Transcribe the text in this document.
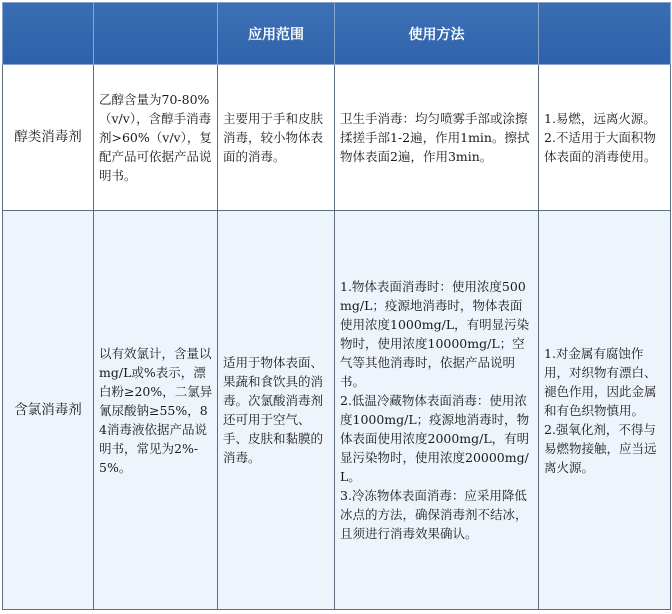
		应用范围	使用方法	
醇类消毒剂	乙醇含量为70-80%（v/v），含醇手消毒剂>60%（v/v），复配产品可依据产品说明书。	主要用于手和皮肤消毒，较小物体表面的消毒。	卫生手消毒：均匀喷雾手部或涂擦揉搓手部1-2遍，作用1min。擦拭物体表面2遍，作用3min。	1.易燃，远离火源。
2.不适用于大面积物体表面的消毒使用。

含氯消毒剂	以有效氯计，含量以mg/L或%表示，漂白粉≥20%，二氯异氰尿酸钠≥55%，84消毒液依据产品说明书，常见为2%-5%。	适用于物体表面、果蔬和食饮具的消毒。次氯酸消毒剂还可用于空气、手、皮肤和黏膜的消毒。	1.物体表面消毒时：使用浓度500mg/L；疫源地消毒时，物体表面使用浓度1000mg/L，有明显污染物时，使用浓度10000mg/L；空气等其他消毒时，依据产品说明书。
2.低温冷藏物体表面消毒：使用浓度1000mg/L；疫源地消毒时，物体表面使用浓度2000mg/L，有明显污染物时，使用浓度20000mg/L。
3.冷冻物体表面消毒：应采用降低冰点的方法，确保消毒剂不结冰，且须进行消毒效果确认。	1.对金属有腐蚀作用，对织物有漂白、褪色作用，因此金属和有色织物慎用。
2.强氧化剂，不得与易燃物接触，应当远离火源。
